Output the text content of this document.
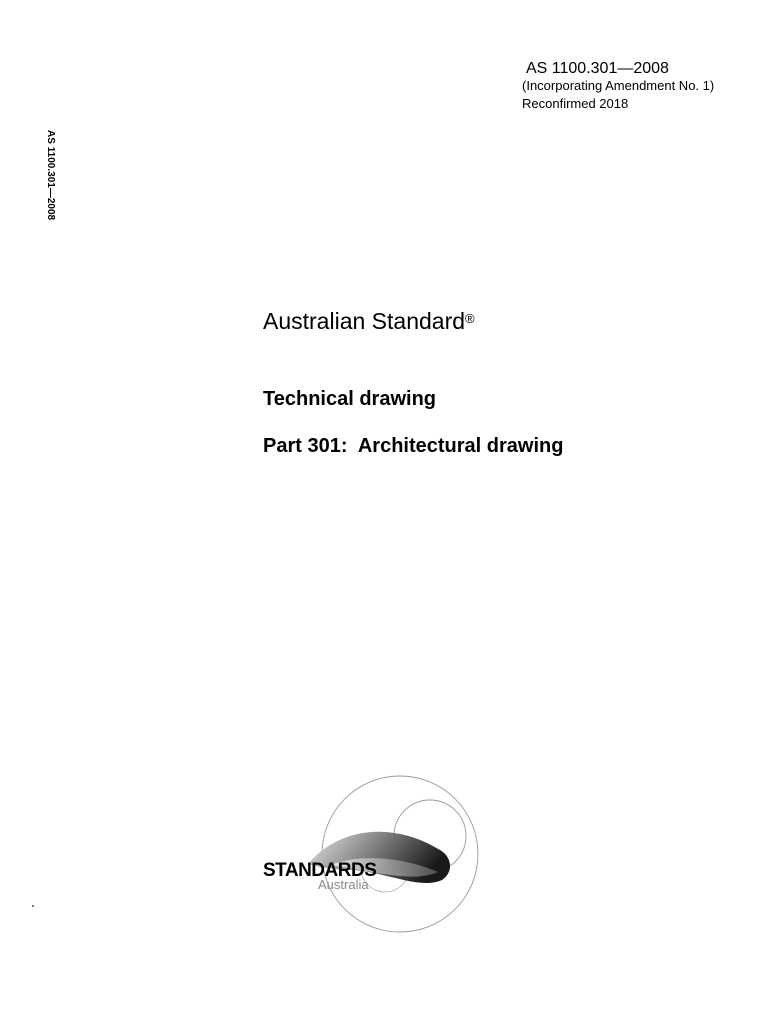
AS 1100.301—2008
(Incorporating Amendment No. 1)
Reconfirmed 2018
AS 1100.301—2008
Australian Standard®
Technical drawing
Part 301:  Architectural drawing
STANDARDS
Australia
